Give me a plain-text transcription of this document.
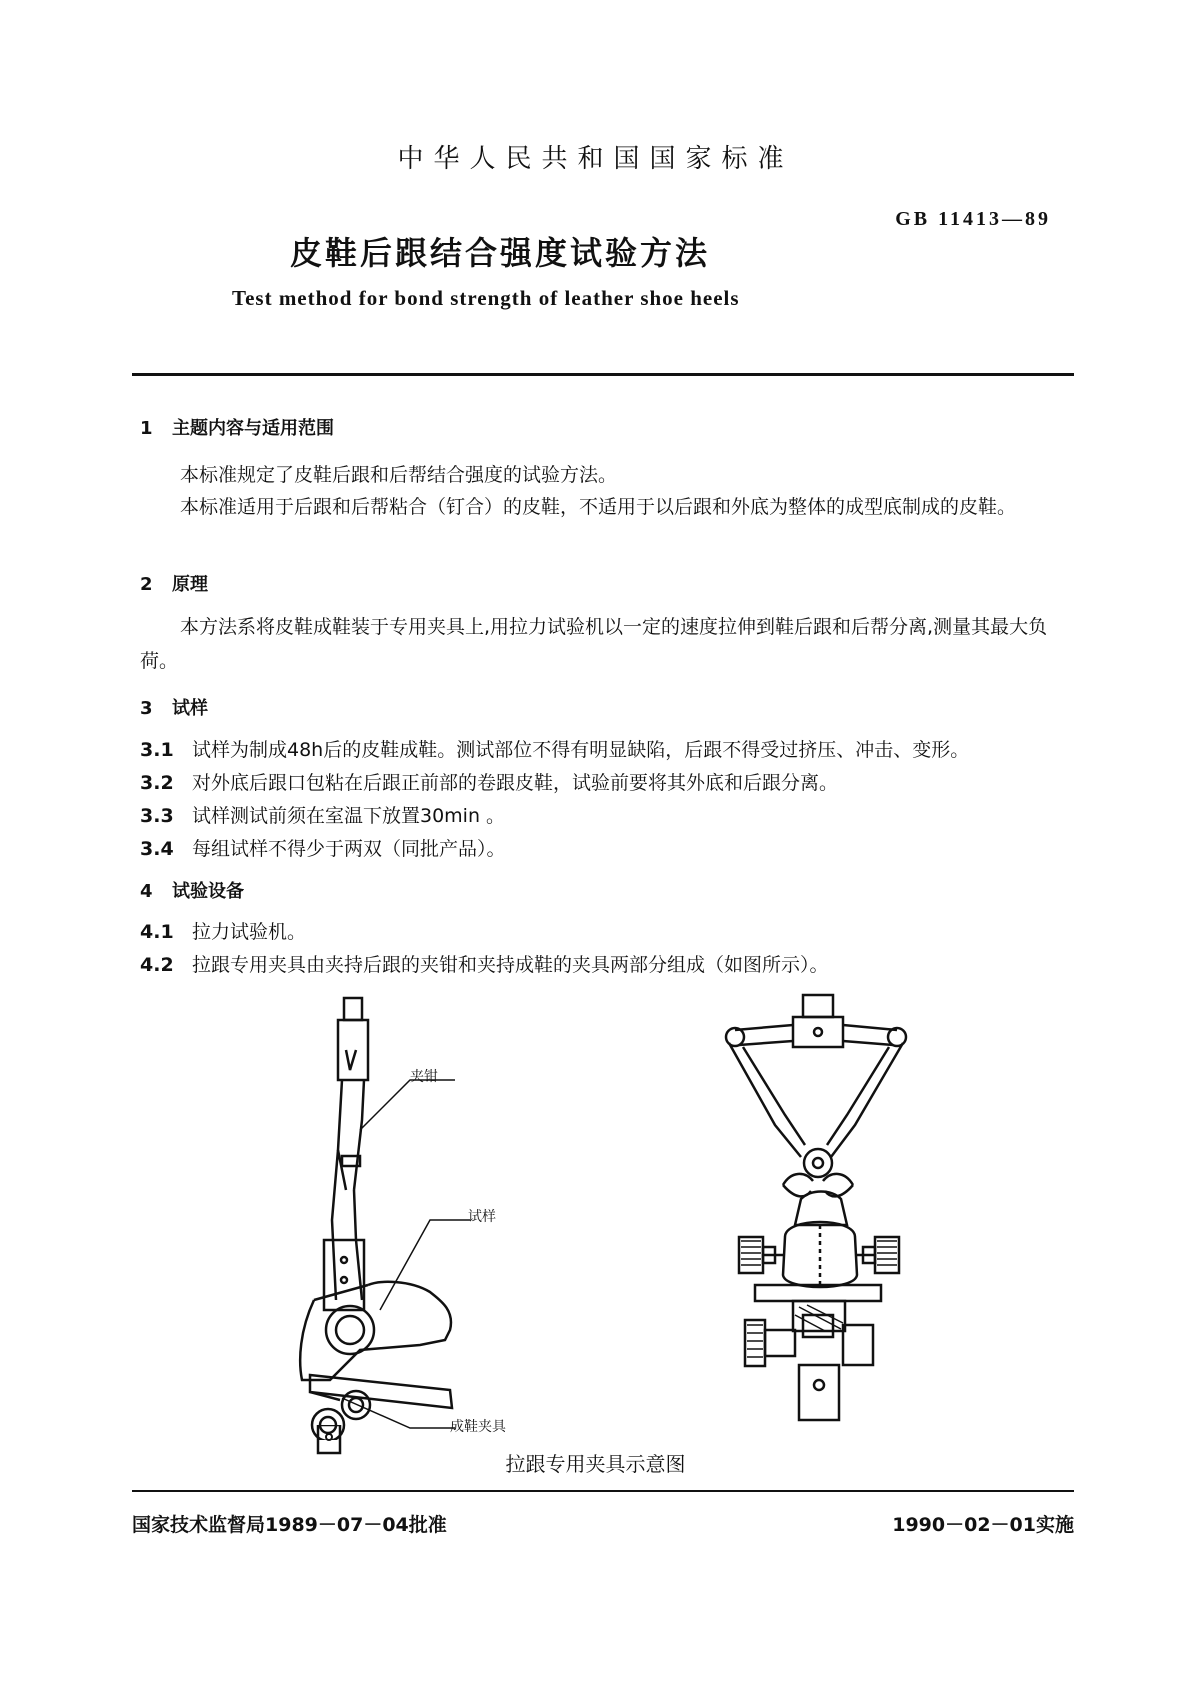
中华人民共和国国家标准
GB 11413—89
皮鞋后跟结合强度试验方法
Test method for bond strength of leather shoe heels
1 主题内容与适用范围
本标准规定了皮鞋后跟和后帮结合强度的试验方法。
本标准适用于后跟和后帮粘合（钉合）的皮鞋，不适用于以后跟和外底为整体的成型底制成的皮鞋。
2 原理
本方法系将皮鞋成鞋装于专用夹具上,用拉力试验机以一定的速度拉伸到鞋后跟和后帮分离,测量其最大负荷。
3 试样
3.1 试样为制成48h后的皮鞋成鞋。测试部位不得有明显缺陷，后跟不得受过挤压、冲击、变形。
3.2 对外底后跟口包粘在后跟正前部的卷跟皮鞋，试验前要将其外底和后跟分离。
3.3 试样测试前须在室温下放置30min 。
3.4 每组试样不得少于两双（同批产品）。
4 试验设备
4.1 拉力试验机。
4.2 拉跟专用夹具由夹持后跟的夹钳和夹持成鞋的夹具两部分组成（如图所示）。
夹钳
试样
成鞋夹具
拉跟专用夹具示意图
国家技术监督局1989－07－04批准	1990－02－01实施
